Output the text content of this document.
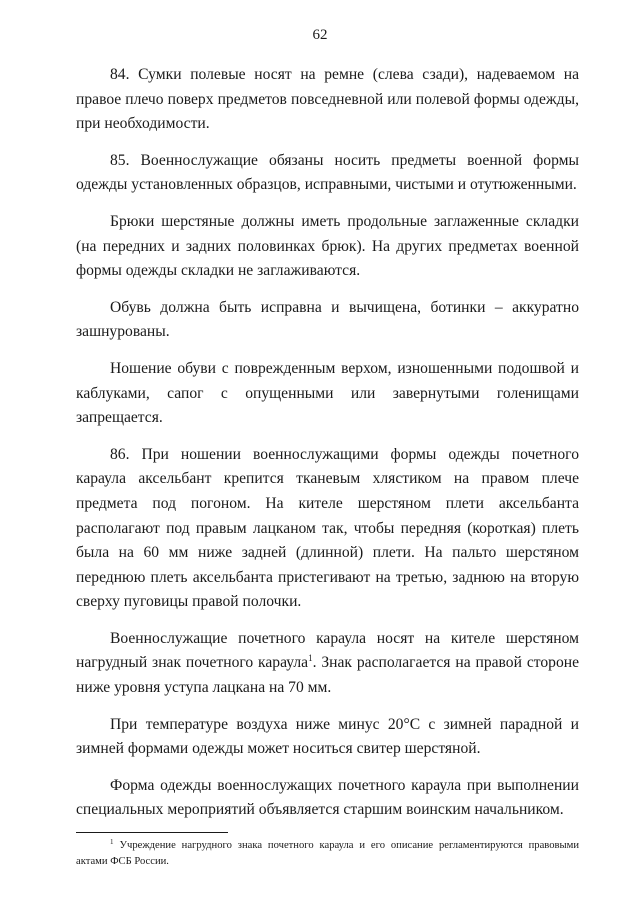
62

84. Сумки полевые носят на ремне (слева сзади), надеваемом на правое плечо поверх предметов повседневной или полевой формы одежды, при необходимости.

85. Военнослужащие обязаны носить предметы военной формы одежды установленных образцов, исправными, чистыми и отутюженными.

Брюки шерстяные должны иметь продольные заглаженные складки (на передних и задних половинках брюк). На других предметах военной формы одежды складки не заглаживаются.

Обувь должна быть исправна и вычищена, ботинки – аккуратно зашнурованы.

Ношение обуви с поврежденным верхом, изношенными подошвой и каблуками, сапог с опущенными или завернутыми голенищами запрещается.

86. При ношении военнослужащими формы одежды почетного караула аксельбант крепится тканевым хлястиком на правом плече предмета под погоном. На кителе шерстяном плети аксельбанта располагают под правым лацканом так, чтобы передняя (короткая) плеть была на 60 мм ниже задней (длинной) плети. На пальто шерстяном переднюю плеть аксельбанта пристегивают на третью, заднюю на вторую сверху пуговицы правой полочки.

Военнослужащие почетного караула носят на кителе шерстяном нагрудный знак почетного караула$^1$. Знак располагается на правой стороне ниже уровня уступа лацкана на 70 мм.

При температуре воздуха ниже минус 20°С с зимней парадной и зимней формами одежды может носиться свитер шерстяной.

Форма одежды военнослужащих почетного караула при выполнении специальных мероприятий объявляется старшим воинским начальником.

$^1$ Учреждение нагрудного знака почетного караула и его описание регламентируются правовыми актами ФСБ России.
